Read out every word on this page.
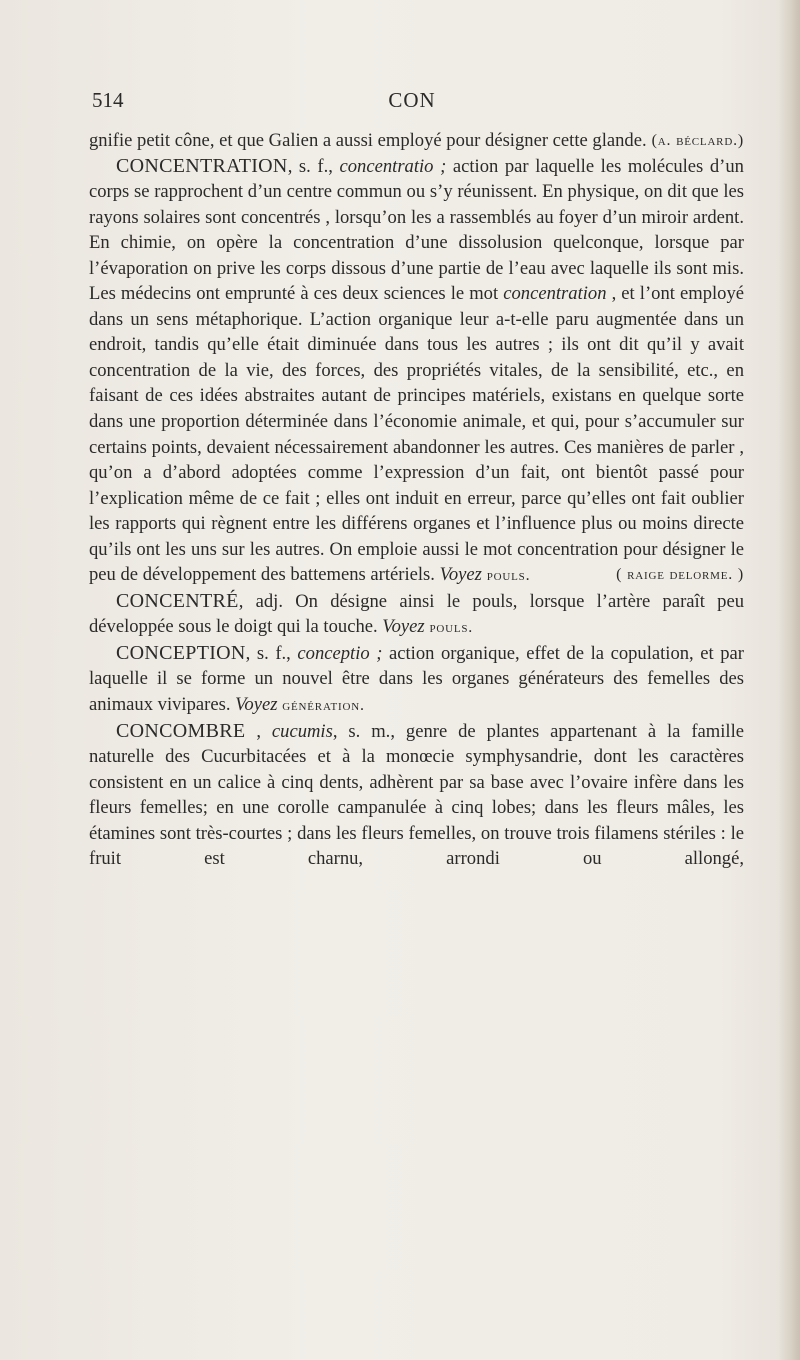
514	CON

gnifie petit cône, et que Galien a aussi employé pour désigner cette glande. (a. béclard.)

CONCENTRATION, s. f., concentratio ; action par laquelle les molécules d’un corps se rapprochent d’un centre commun ou s’y réunissent. En physique, on dit que les rayons solaires sont concentrés , lorsqu’on les a rassemblés au foyer d’un miroir ardent. En chimie, on opère la concentration d’une dissolusion quelconque, lorsque par l’évaporation on prive les corps dissous d’une partie de l’eau avec laquelle ils sont mis. Les médecins ont emprunté à ces deux sciences le mot concentration , et l’ont employé dans un sens métaphorique. L’action organique leur a-t-elle paru augmentée dans un endroit, tandis qu’elle était diminuée dans tous les autres ; ils ont dit qu’il y avait concentration de la vie, des forces, des propriétés vitales, de la sensibilité, etc., en faisant de ces idées abstraites autant de principes matériels, existans en quelque sorte dans une proportion déterminée dans l’économie animale, et qui, pour s’accumuler sur certains points, devaient nécessairement abandonner les autres. Ces manières de parler , qu’on a d’abord adoptées comme l’expression d’un fait, ont bientôt passé pour l’explication même de ce fait ; elles ont induit en erreur, parce qu’elles ont fait oublier les rapports qui règnent entre les différens organes et l’influence plus ou moins directe qu’ils ont les uns sur les autres. On emploie aussi le mot concentration pour désigner le peu de développement des battemens artériels. Voyez pouls.	( raige delorme. )

CONCENTRÉ, adj. On désigne ainsi le pouls, lorsque l’artère paraît peu développée sous le doigt qui la touche. Voyez pouls.

CONCEPTION, s. f., conceptio ; action organique, effet de la copulation, et par laquelle il se forme un nouvel être dans les organes générateurs des femelles des animaux vivipares. Voyez génération.

CONCOMBRE , cucumis, s. m., genre de plantes appartenant à la famille naturelle des Cucurbitacées et à la monœcie symphysandrie, dont les caractères consistent en un calice à cinq dents, adhèrent par sa base avec l’ovaire infère dans les fleurs femelles; en une corolle campanulée à cinq lobes; dans les fleurs mâles, les étamines sont très-courtes ; dans les fleurs femelles, on trouve trois filamens stériles : le fruit est charnu, arrondi ou allongé,
